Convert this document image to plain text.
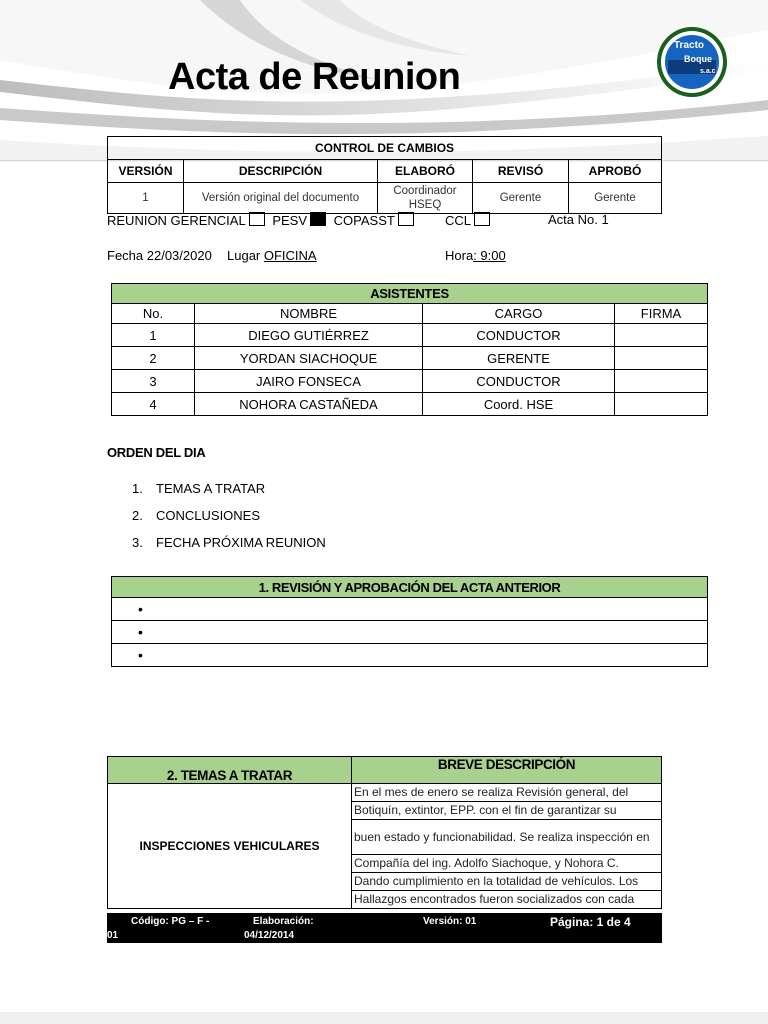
Acta de Reunion
Tracto
Boque
s.a.c
CONTROL DE CAMBIOS				
VERSIÓN	DESCRIPCIÓN	ELABORÓ	REVISÓ	APROBÓ
1	Versión original del documento	Coordinador HSEQ	Gerente	Gerente
REUNION GERENCIAL PESV COPASST	CCL	Acta No. 1
Fecha 22/03/2020 Lugar OFICINA	Hora: 9:00
ASISTENTES			
No.	NOMBRE	CARGO	FIRMA
1	DIEGO GUTIÉRREZ	CONDUCTOR	
2	YORDAN SIACHOQUE	GERENTE	
3	JAIRO FONSECA	CONDUCTOR	
4	NOHORA CASTAÑEDA	Coord. HSE	
ORDEN DEL DIA
1. TEMAS A TRATAR
2. CONCLUSIONES
3. FECHA PRÓXIMA REUNION
1. REVISIÓN Y APROBACIÓN DEL ACTA ANTERIOR
•
•
•
2. TEMAS A TRATAR	BREVE DESCRIPCIÓN
INSPECCIONES VEHICULARES	En el mes de enero se realiza Revisión general, del
	Botiquín, extintor, EPP. con el fin de garantizar su
	buen estado y funcionabilidad. Se realiza inspección en
	Compañía del ing. Adolfo Siachoque, y Nohora C.
	Dando cumplimiento en la totalidad de vehículos. Los
	Hallazgos encontrados fueron socializados con cada
Código: PG – F -
01
Elaboración:
04/12/2014
Versión: 01	Página: 1 de 4
